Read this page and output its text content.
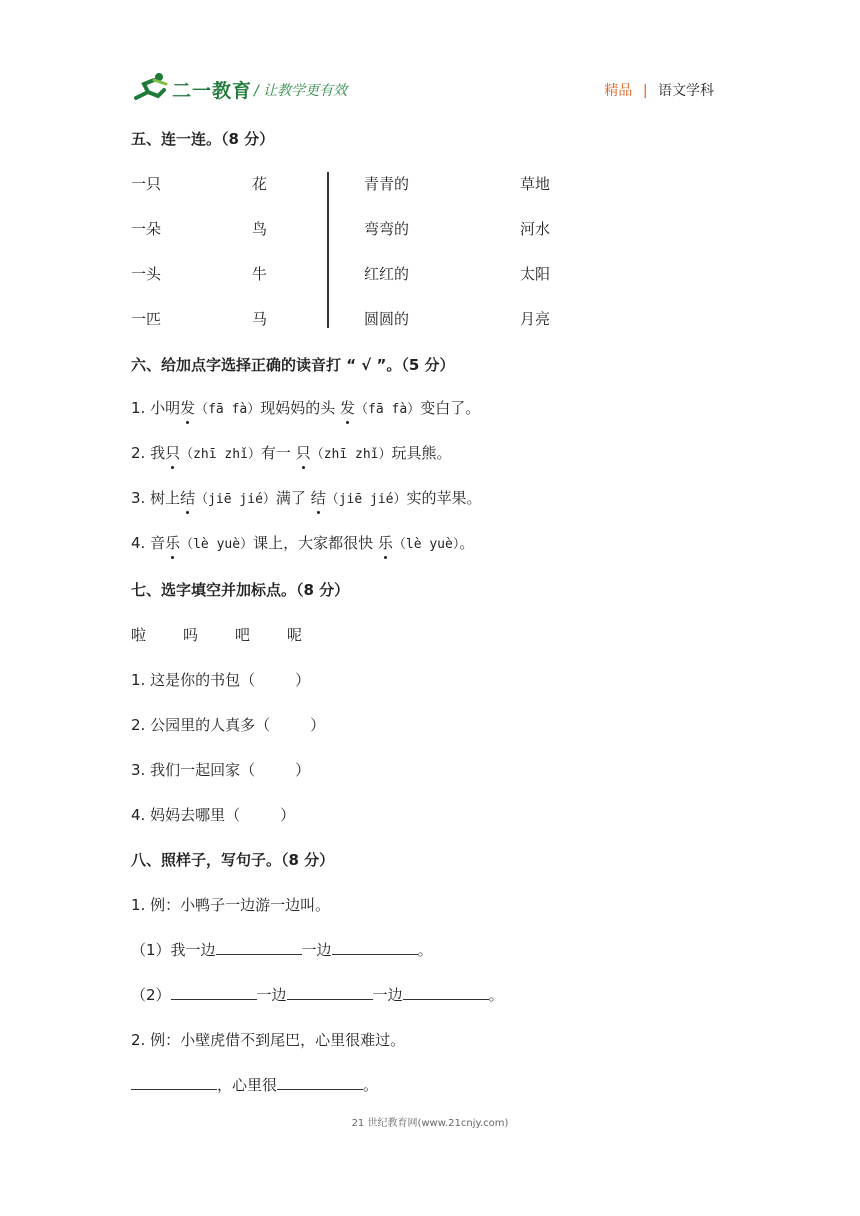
二一教育 / 让教学更有效	精品 | 语文学科
五、连一连。（8 分）
一只	花	青青的	草地
一朵	鸟	弯弯的	河水
一头	牛	红红的	太阳
一匹	马	圆圆的	月亮
六、给加点字选择正确的读音打 “ √ ”。（5 分）
1. 小明发（fā fà）现妈妈的头 发（fā fà）变白了。
2. 我只（zhī zhǐ）有一 只（zhī zhǐ）玩具熊。
3. 树上结（jiē jié）满了 结（jiē jié）实的苹果。
4. 音乐（lè yuè）课上，大家都很快 乐（lè yuè）。
七、选字填空并加标点。（8 分）
啦 吗 吧 呢
1. 这是你的书包（	）
2. 公园里的人真多（	）
3. 我们一起回家（	）
4. 妈妈去哪里（	）
八、照样子，写句子。（8 分）
1. 例：小鸭子一边游一边叫。
（1）我一边	一边	。
（2）	一边	一边	。
2. 例：小壁虎借不到尾巴，心里很难过。
，心里很	。
21 世纪教育网(www.21cnjy.com)
